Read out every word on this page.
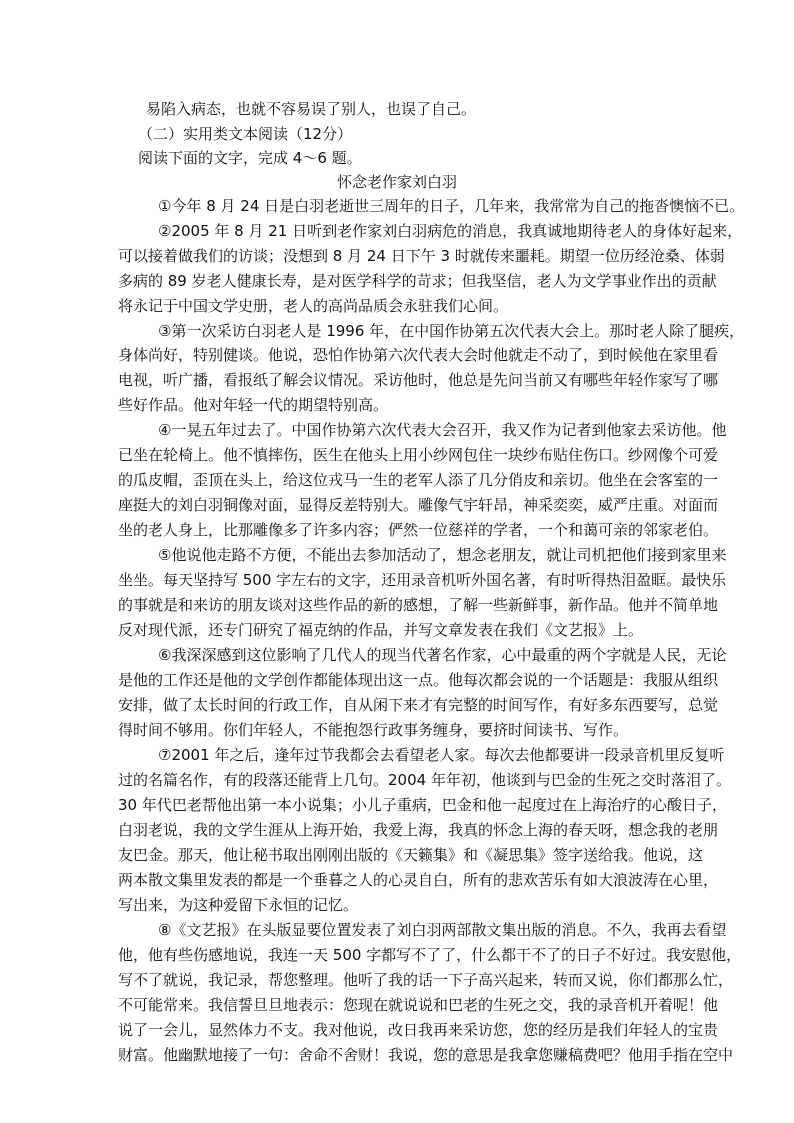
易陷入病态，也就不容易误了别人，也误了自己。
（二）实用类文本阅读（12分）
阅读下面的文字，完成 4～6 题。
怀念老作家刘白羽
①今年 8 月 24 日是白羽老逝世三周年的日子，几年来，我常常为自己的拖沓懊恼不已。
②2005 年 8 月 21 日听到老作家刘白羽病危的消息，我真诚地期待老人的身体好起来，
可以接着做我们的访谈；没想到 8 月 24 日下午 3 时就传来噩耗。期望一位历经沧桑、体弱
多病的 89 岁老人健康长寿，是对医学科学的苛求；但我坚信，老人为文学事业作出的贡献
将永记于中国文学史册，老人的高尚品质会永驻我们心间。
③第一次采访白羽老人是 1996 年，在中国作协第五次代表大会上。那时老人除了腿疾，
身体尚好，特别健谈。他说，恐怕作协第六次代表大会时他就走不动了，到时候他在家里看
电视，听广播，看报纸了解会议情况。采访他时，他总是先问当前又有哪些年轻作家写了哪
些好作品。他对年轻一代的期望特别高。
④一晃五年过去了。中国作协第六次代表大会召开，我又作为记者到他家去采访他。他
已坐在轮椅上。他不慎摔伤，医生在他头上用小纱网包住一块纱布贴住伤口。纱网像个可爱
的瓜皮帽，歪顶在头上，给这位戎马一生的老军人添了几分俏皮和亲切。他坐在会客室的一
座挺大的刘白羽铜像对面，显得反差特别大。雕像气宇轩昂，神采奕奕，威严庄重。对面而
坐的老人身上，比那雕像多了许多内容；俨然一位慈祥的学者，一个和蔼可亲的邻家老伯。
⑤他说他走路不方便，不能出去参加活动了，想念老朋友，就让司机把他们接到家里来
坐坐。每天坚持写 500 字左右的文字，还用录音机听外国名著，有时听得热泪盈眶。最快乐
的事就是和来访的朋友谈对这些作品的新的感想，了解一些新鲜事，新作品。他并不简单地
反对现代派，还专门研究了福克纳的作品，并写文章发表在我们《文艺报》上。
⑥我深深感到这位影响了几代人的现当代著名作家，心中最重的两个字就是人民，无论
是他的工作还是他的文学创作都能体现出这一点。他每次都会说的一个话题是：我服从组织
安排，做了太长时间的行政工作，自从闲下来才有完整的时间写作，有好多东西要写，总觉
得时间不够用。你们年轻人，不能抱怨行政事务缠身，要挤时间读书、写作。
⑦2001 年之后，逢年过节我都会去看望老人家。每次去他都要讲一段录音机里反复听
过的名篇名作，有的段落还能背上几句。2004 年年初，他谈到与巴金的生死之交时落泪了。
30 年代巴老帮他出第一本小说集；小儿子重病，巴金和他一起度过在上海治疗的心酸日子，
白羽老说，我的文学生涯从上海开始，我爱上海，我真的怀念上海的春天呀，想念我的老朋
友巴金。那天，他让秘书取出刚刚出版的《天籁集》和《凝思集》签字送给我。他说，这
两本散文集里发表的都是一个垂暮之人的心灵自白，所有的悲欢苦乐有如大浪波涛在心里，
写出来，为这种爱留下永恒的记忆。
⑧《文艺报》在头版显要位置发表了刘白羽两部散文集出版的消息。不久，我再去看望
他，他有些伤感地说，我连一天 500 字都写不了了，什么都干不了的日子不好过。我安慰他，
写不了就说，我记录，帮您整理。他听了我的话一下子高兴起来，转而又说，你们都那么忙，
不可能常来。我信誓旦旦地表示：您现在就说说和巴老的生死之交，我的录音机开着呢！他
说了一会儿，显然体力不支。我对他说，改日我再来采访您，您的经历是我们年轻人的宝贵
财富。他幽默地接了一句：舍命不舍财！我说，您的意思是我拿您赚稿费吧？他用手指在空中
